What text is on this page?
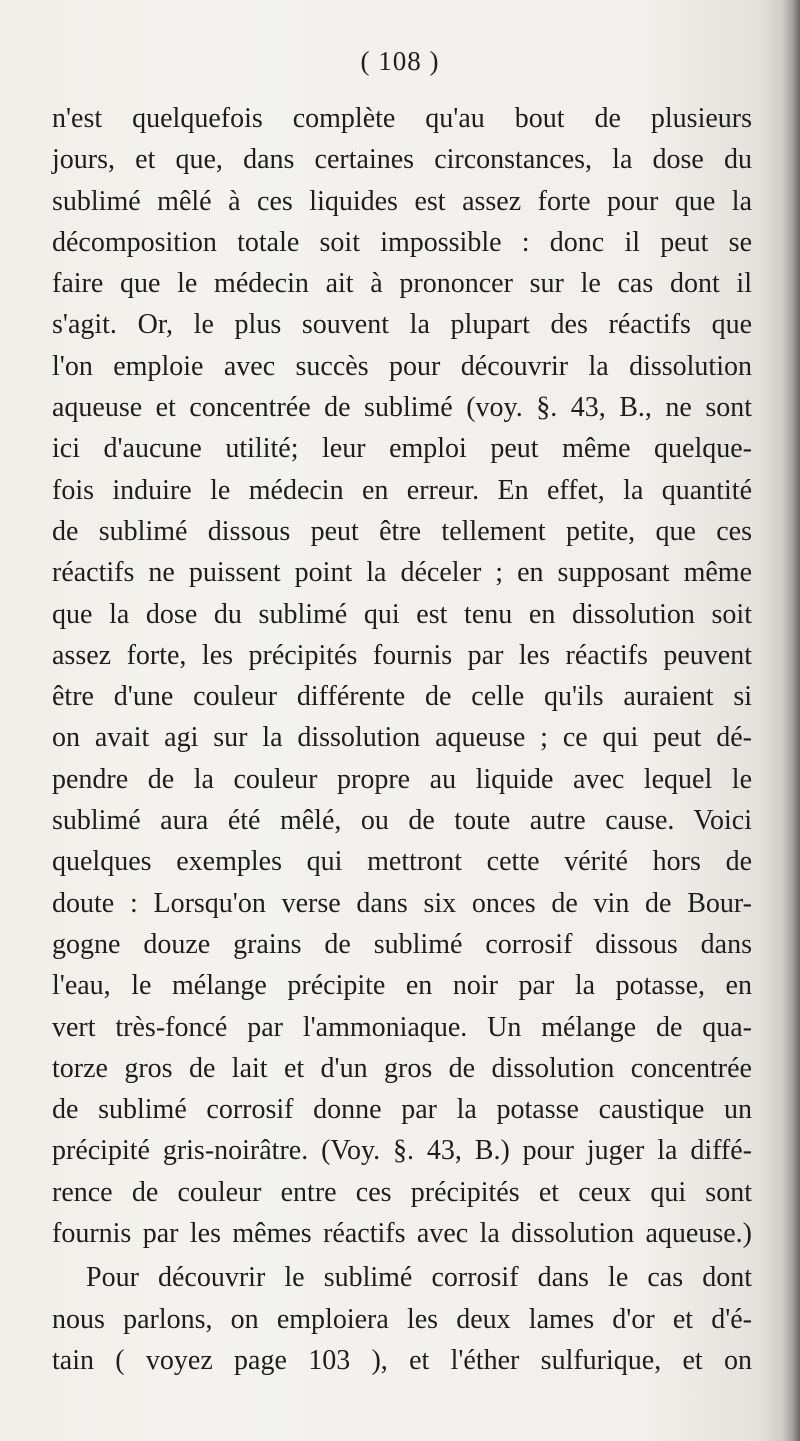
( 108 )
n'est quelquefois complète qu'au bout de plusieurs
jours, et que, dans certaines circonstances, la dose du
sublimé mêlé à ces liquides est assez forte pour que la
décomposition totale soit impossible : donc il peut se
faire que le médecin ait à prononcer sur le cas dont il
s'agit. Or, le plus souvent la plupart des réactifs que
l'on emploie avec succès pour découvrir la dissolution
aqueuse et concentrée de sublimé (voy. §. 43, B., ne sont
ici d'aucune utilité; leur emploi peut même quelque-
fois induire le médecin en erreur. En effet, la quantité
de sublimé dissous peut être tellement petite, que ces
réactifs ne puissent point la déceler ; en supposant même
que la dose du sublimé qui est tenu en dissolution soit
assez forte, les précipités fournis par les réactifs peuvent
être d'une couleur différente de celle qu'ils auraient si
on avait agi sur la dissolution aqueuse ; ce qui peut dé-
pendre de la couleur propre au liquide avec lequel le
sublimé aura été mêlé, ou de toute autre cause. Voici
quelques exemples qui mettront cette vérité hors de
doute : Lorsqu'on verse dans six onces de vin de Bour-
gogne douze grains de sublimé corrosif dissous dans
l'eau, le mélange précipite en noir par la potasse, en
vert très-foncé par l'ammoniaque. Un mélange de qua-
torze gros de lait et d'un gros de dissolution concentrée
de sublimé corrosif donne par la potasse caustique un
précipité gris-noirâtre. (Voy. §. 43, B.) pour juger la diffé-
rence de couleur entre ces précipités et ceux qui sont
fournis par les mêmes réactifs avec la dissolution aqueuse.)
Pour découvrir le sublimé corrosif dans le cas dont
nous parlons, on emploiera les deux lames d'or et d'é-
tain ( voyez page 103 ), et l'éther sulfurique, et on
